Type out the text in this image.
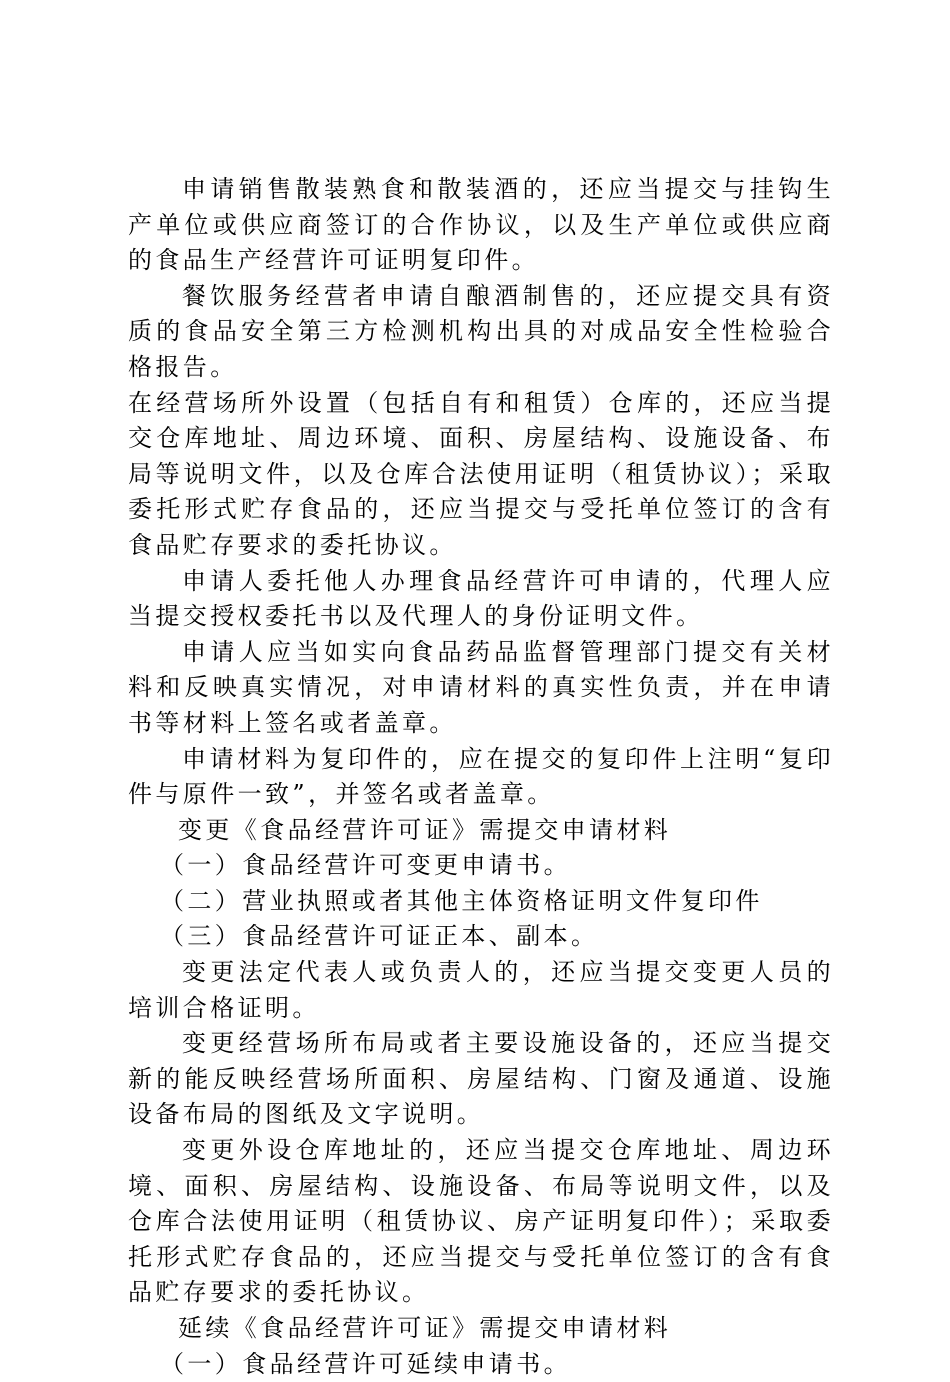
申请销售散装熟食和散装酒的，还应当提交与挂钩生产单位或供应商签订的合作协议，以及生产单位或供应商的食品生产经营许可证明复印件。

餐饮服务经营者申请自酿酒制售的，还应提交具有资质的食品安全第三方检测机构出具的对成品安全性检验合格报告。

在经营场所外设置（包括自有和租赁）仓库的，还应当提交仓库地址、周边环境、面积、房屋结构、设施设备、布局等说明文件，以及仓库合法使用证明（租赁协议）；采取委托形式贮存食品的，还应当提交与受托单位签订的含有食品贮存要求的委托协议。

申请人委托他人办理食品经营许可申请的，代理人应当提交授权委托书以及代理人的身份证明文件。

申请人应当如实向食品药品监督管理部门提交有关材料和反映真实情况，对申请材料的真实性负责，并在申请书等材料上签名或者盖章。

申请材料为复印件的，应在提交的复印件上注明“复印件与原件一致”，并签名或者盖章。

变更《食品经营许可证》需提交申请材料

（一）食品经营许可变更申请书。

（二）营业执照或者其他主体资格证明文件复印件

（三）食品经营许可证正本、副本。

变更法定代表人或负责人的，还应当提交变更人员的培训合格证明。

变更经营场所布局或者主要设施设备的，还应当提交新的能反映经营场所面积、房屋结构、门窗及通道、设施设备布局的图纸及文字说明。

变更外设仓库地址的，还应当提交仓库地址、周边环境、面积、房屋结构、设施设备、布局等说明文件，以及仓库合法使用证明（租赁协议、房产证明复印件）；采取委托形式贮存食品的，还应当提交与受托单位签订的含有食品贮存要求的委托协议。

延续《食品经营许可证》需提交申请材料

（一）食品经营许可延续申请书。
